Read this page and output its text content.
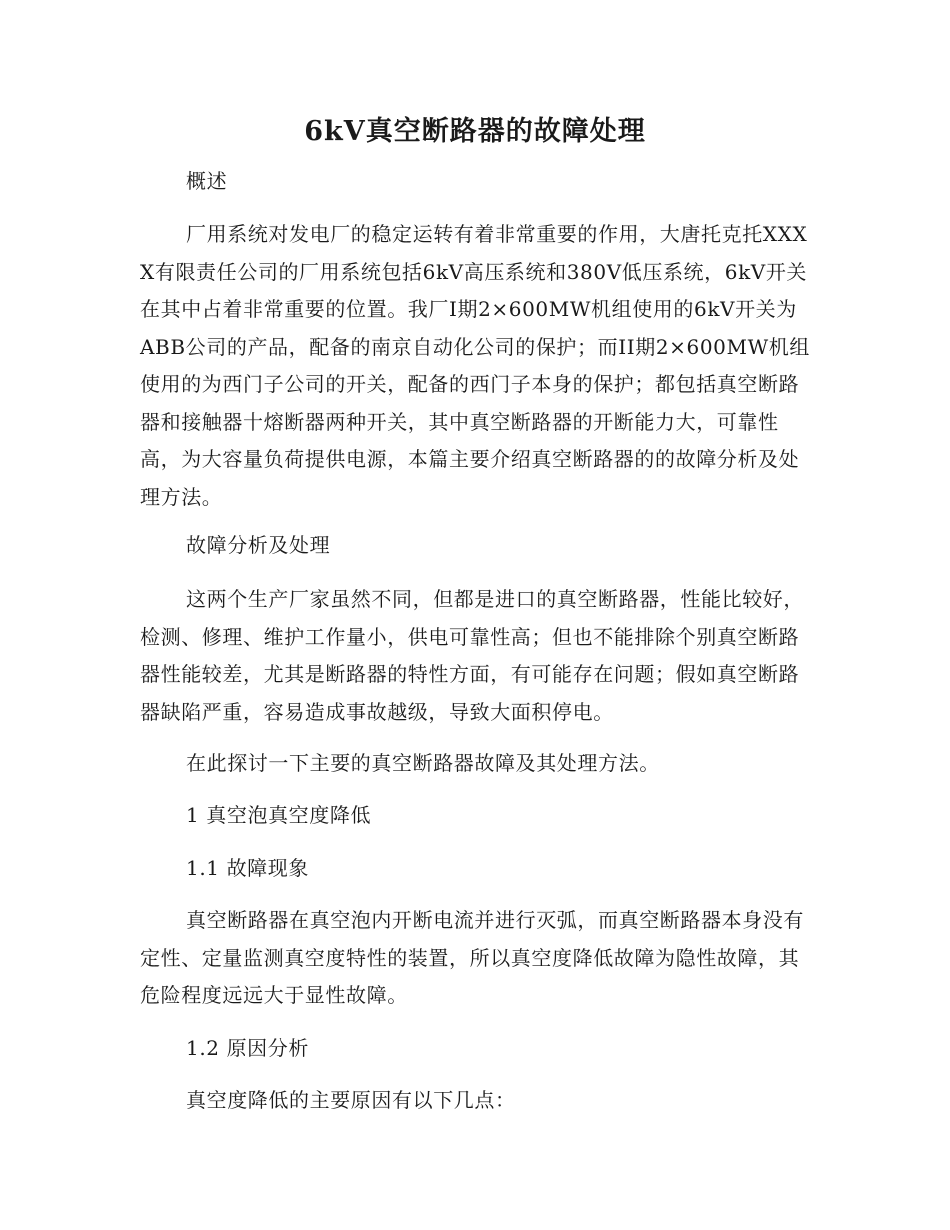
6kV真空断路器的故障处理
概述
厂用系统对发电厂的稳定运转有着非常重要的作用，大唐托克托XXXX有限责任公司的厂用系统包括6kV高压系统和380V低压系统，6kV开关在其中占着非常重要的位置。我厂I期2×600MW机组使用的6kV开关为ABB公司的产品，配备的南京自动化公司的保护；而II期2×600MW机组使用的为西门子公司的开关，配备的西门子本身的保护；都包括真空断路器和接触器十熔断器两种开关，其中真空断路器的开断能力大，可靠性高，为大容量负荷提供电源，本篇主要介绍真空断路器的的故障分析及处理方法。
故障分析及处理
这两个生产厂家虽然不同，但都是进口的真空断路器，性能比较好，检测、修理、维护工作量小，供电可靠性高；但也不能排除个别真空断路器性能较差，尤其是断路器的特性方面，有可能存在问题；假如真空断路器缺陷严重，容易造成事故越级，导致大面积停电。
在此探讨一下主要的真空断路器故障及其处理方法。
1 真空泡真空度降低
1.1 故障现象
真空断路器在真空泡内开断电流并进行灭弧，而真空断路器本身没有定性、定量监测真空度特性的装置，所以真空度降低故障为隐性故障，其危险程度远远大于显性故障。
1.2 原因分析
真空度降低的主要原因有以下几点：
